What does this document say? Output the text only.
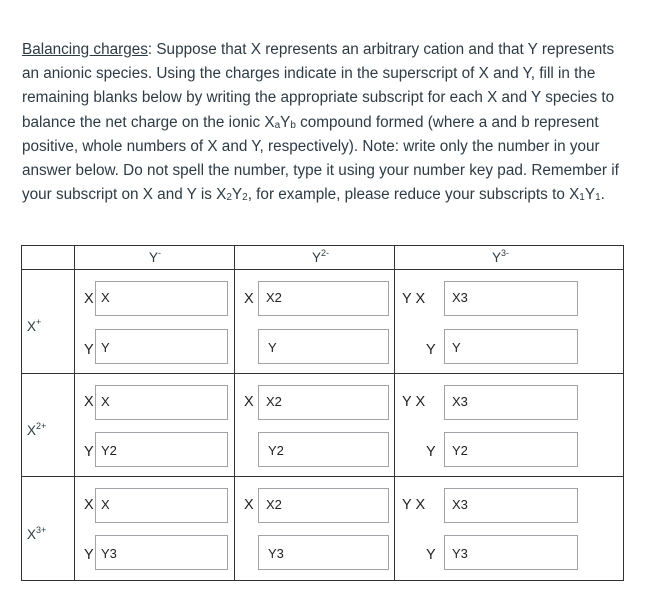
Balancing charges: Suppose that X represents an arbitrary cation and that Y represents an anionic species. Using the charges indicate in the superscript of X and Y, fill in the remaining blanks below by writing the appropriate subscript for each X and Y species to balance the net charge on the ionic $X_aY_b$ compound formed (where a and b represent positive, whole numbers of X and Y, respectively). Note: write only the number in your answer below. Do not spell the number, type it using your number key pad. Remember if your subscript on X and Y is $X_2Y_2$, for example, please reduce your subscripts to $X_1Y_1$.
Y-	$Y^{2-}$	$Y^{3-}$
X+
$X^{2+}$
$X^{3+}$
X X
Y Y
X X2
Y
Y X X3
Y Y
X X
Y Y2
X X2
Y2
Y X X3
Y Y2
X X
Y Y3
X X2
Y3
Y X X3
Y Y3
